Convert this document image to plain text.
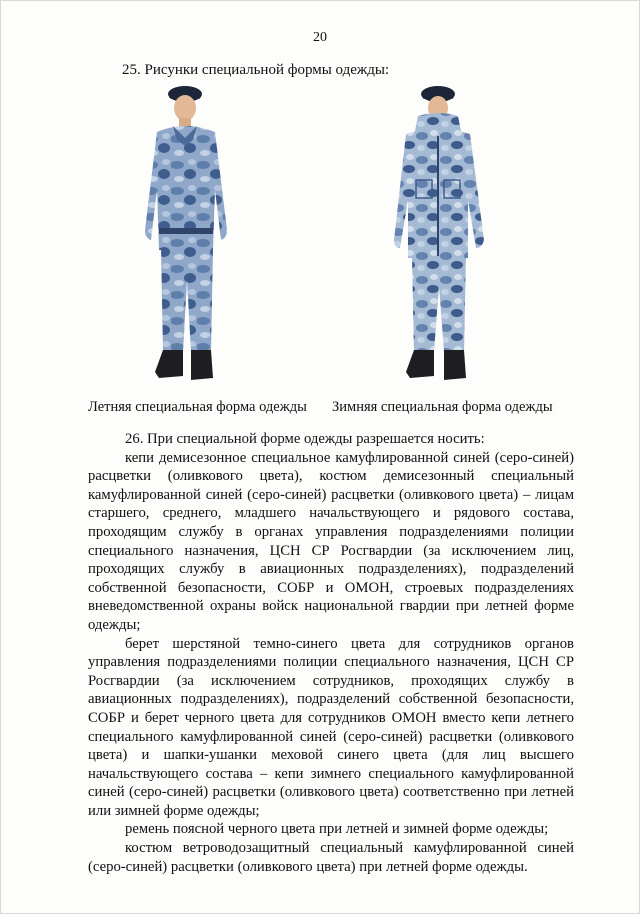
20
25. Рисунки специальной формы одежды:
Летняя специальная форма одежды Зимняя специальная форма одежды

26. При специальной форме одежды разрешается носить:

кепи демисезонное специальное камуфлированной синей (серо-синей) расцветки (оливкового цвета), костюм демисезонный специальный камуфлированной синей (серо-синей) расцветки (оливкового цвета) – лицам старшего, среднего, младшего начальствующего и рядового состава, проходящим службу в органах управления подразделениями полиции специального назначения, ЦСН СР Росгвардии (за исключением лиц, проходящих службу в авиационных подразделениях), подразделений собственной безопасности, СОБР и ОМОН, строевых подразделениях вневедомственной охраны войск национальной гвардии при летней форме одежды;

берет шерстяной темно-синего цвета для сотрудников органов управления подразделениями полиции специального назначения, ЦСН СР Росгвардии (за исключением сотрудников, проходящих службу в авиационных подразделениях), подразделений собственной безопасности, СОБР и берет черного цвета для сотрудников ОМОН вместо кепи летнего специального камуфлированной синей (серо-синей) расцветки (оливкового цвета) и шапки-ушанки меховой синего цвета (для лиц высшего начальствующего состава – кепи зимнего специального камуфлированной синей (серо-синей) расцветки (оливкового цвета) соответственно при летней или зимней форме одежды;

ремень поясной черного цвета при летней и зимней форме одежды;

костюм ветроводозащитный специальный камуфлированной синей (серо-синей) расцветки (оливкового цвета) при летней форме одежды.
